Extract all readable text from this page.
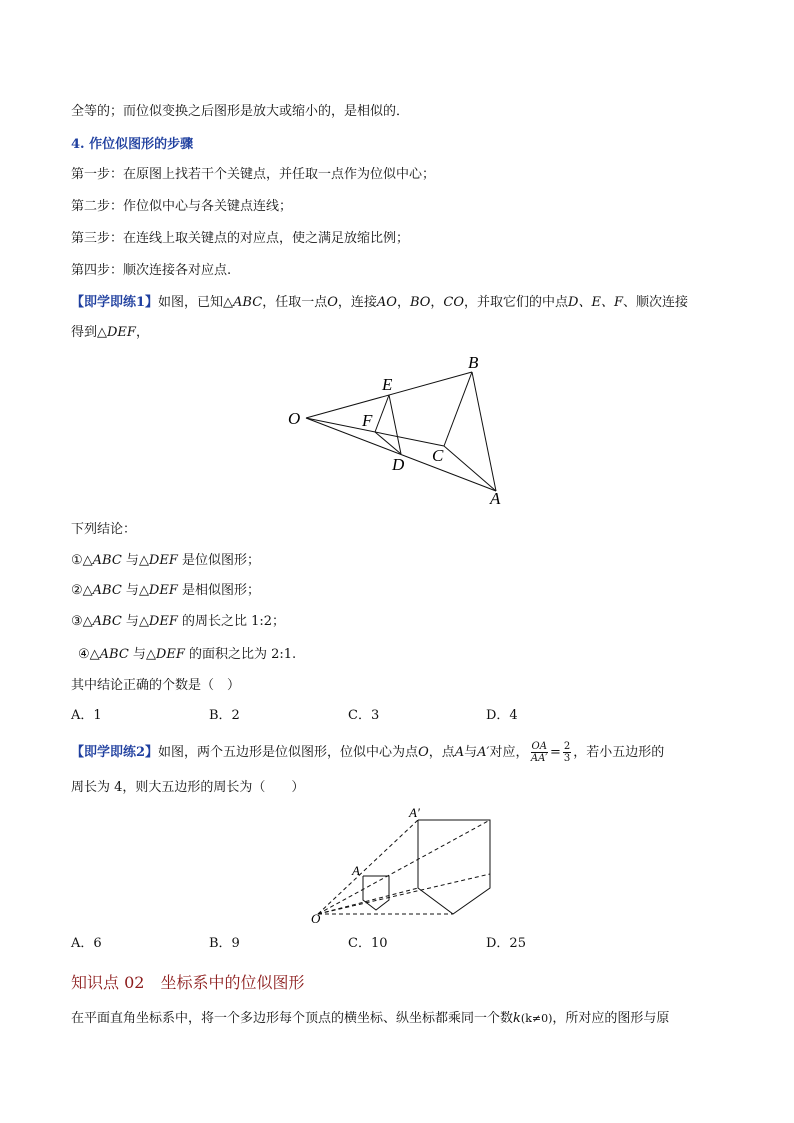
全等的；而位似变换之后图形是放大或缩小的，是相似的．
4. 作位似图形的步骤
第一步：在原图上找若干个关键点，并任取一点作为位似中心；
第二步：作位似中心与各关键点连线；
第三步：在连线上取关键点的对应点，使之满足放缩比例；
第四步：顺次连接各对应点.
【即学即练1】如图，已知△ABC，任取一点O，连接AO，BO，CO，并取它们的中点D、E、F、顺次连接
得到△DEF，
O
B
E
F
C
D
A
下列结论：
①△ABC 与△DEF 是位似图形；
②△ABC 与△DEF 是相似图形；
③△ABC 与△DEF 的周长之比 1:2；
④△ABC 与△DEF 的面积之比为 2:1.
其中结论正确的个数是（　）
A．1	B．2	C．3	D．4
【即学即练2】如图，两个五边形是位似图形，位似中心为点O，点A与A′对应， $\frac{OA}{AA'} = \frac{2}{3}$ ，若小五边形的
周长为 4，则大五边形的周长为（　　）
A′
A
O
A．6	B．9	C．10	D．25
知识点 02 坐标系中的位似图形
在平面直角坐标系中，将一个多边形每个顶点的横坐标、纵坐标都乘同一个数k(k≠0)，所对应的图形与原
